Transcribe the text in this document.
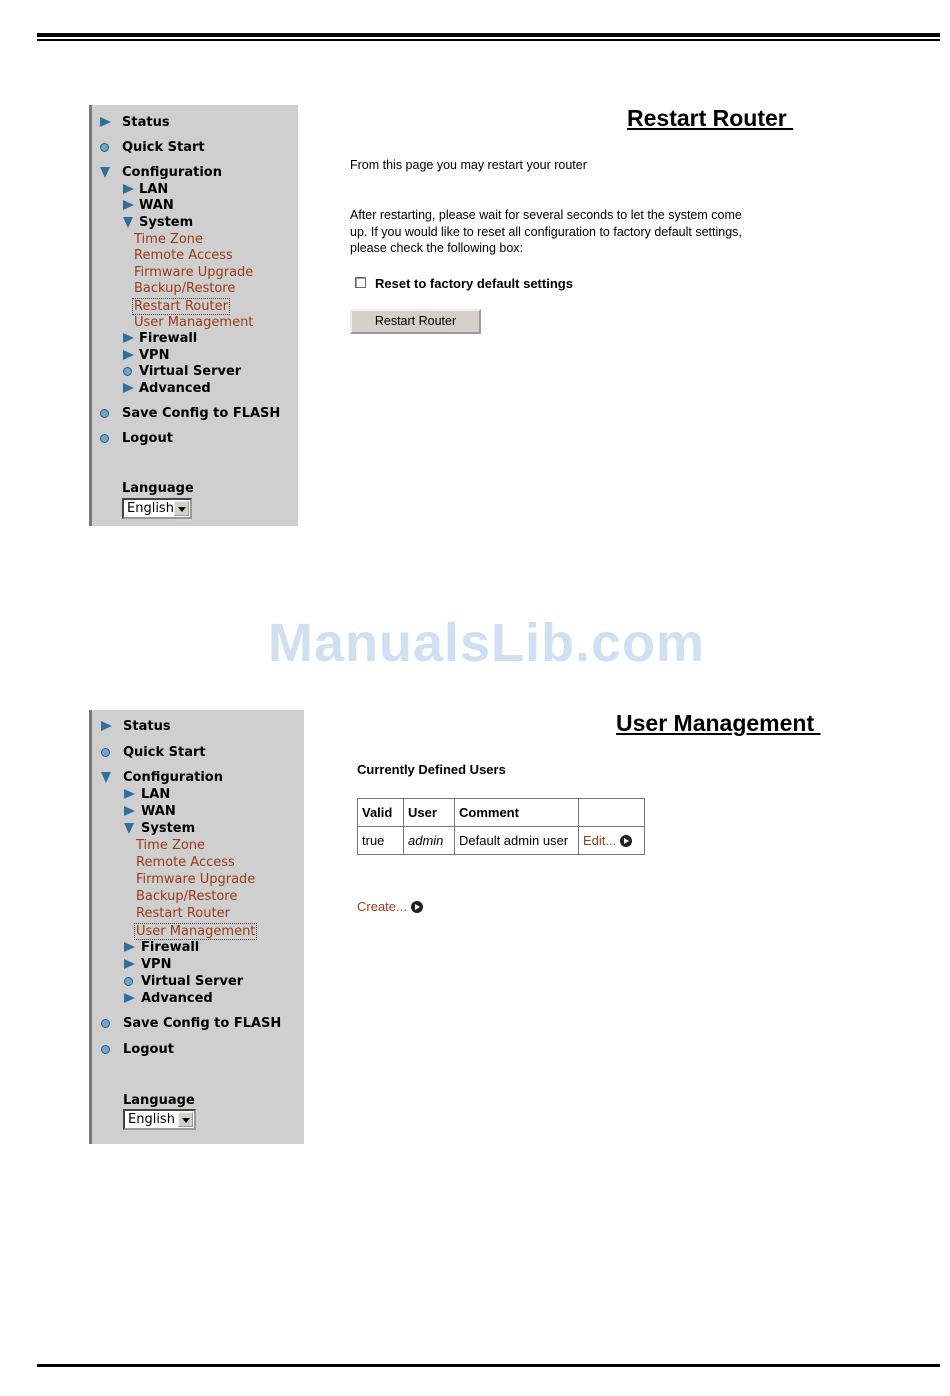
Status
Quick Start
Configuration
LAN
WAN
System
Time Zone
Remote Access
Firmware Upgrade
Backup/Restore
Restart Router
User Management
Firewall
VPN
Virtual Server
Advanced
Save Config to FLASH
Logout
Language
English
Restart Router
From this page you may restart your router
After restarting, please wait for several seconds to let the system come up. If you would like to reset all configuration to factory default settings, please check the following box:
Reset to factory default settings
Restart Router
ManualsLib.com
Status
Quick Start
Configuration
LAN
WAN
System
Time Zone
Remote Access
Firmware Upgrade
Backup/Restore
Restart Router
User Management
Firewall
VPN
Virtual Server
Advanced
Save Config to FLASH
Logout
Language
English
User Management
Currently Defined Users
Valid	User	Comment	
true	admin	Default admin user	Edit...
Create...
